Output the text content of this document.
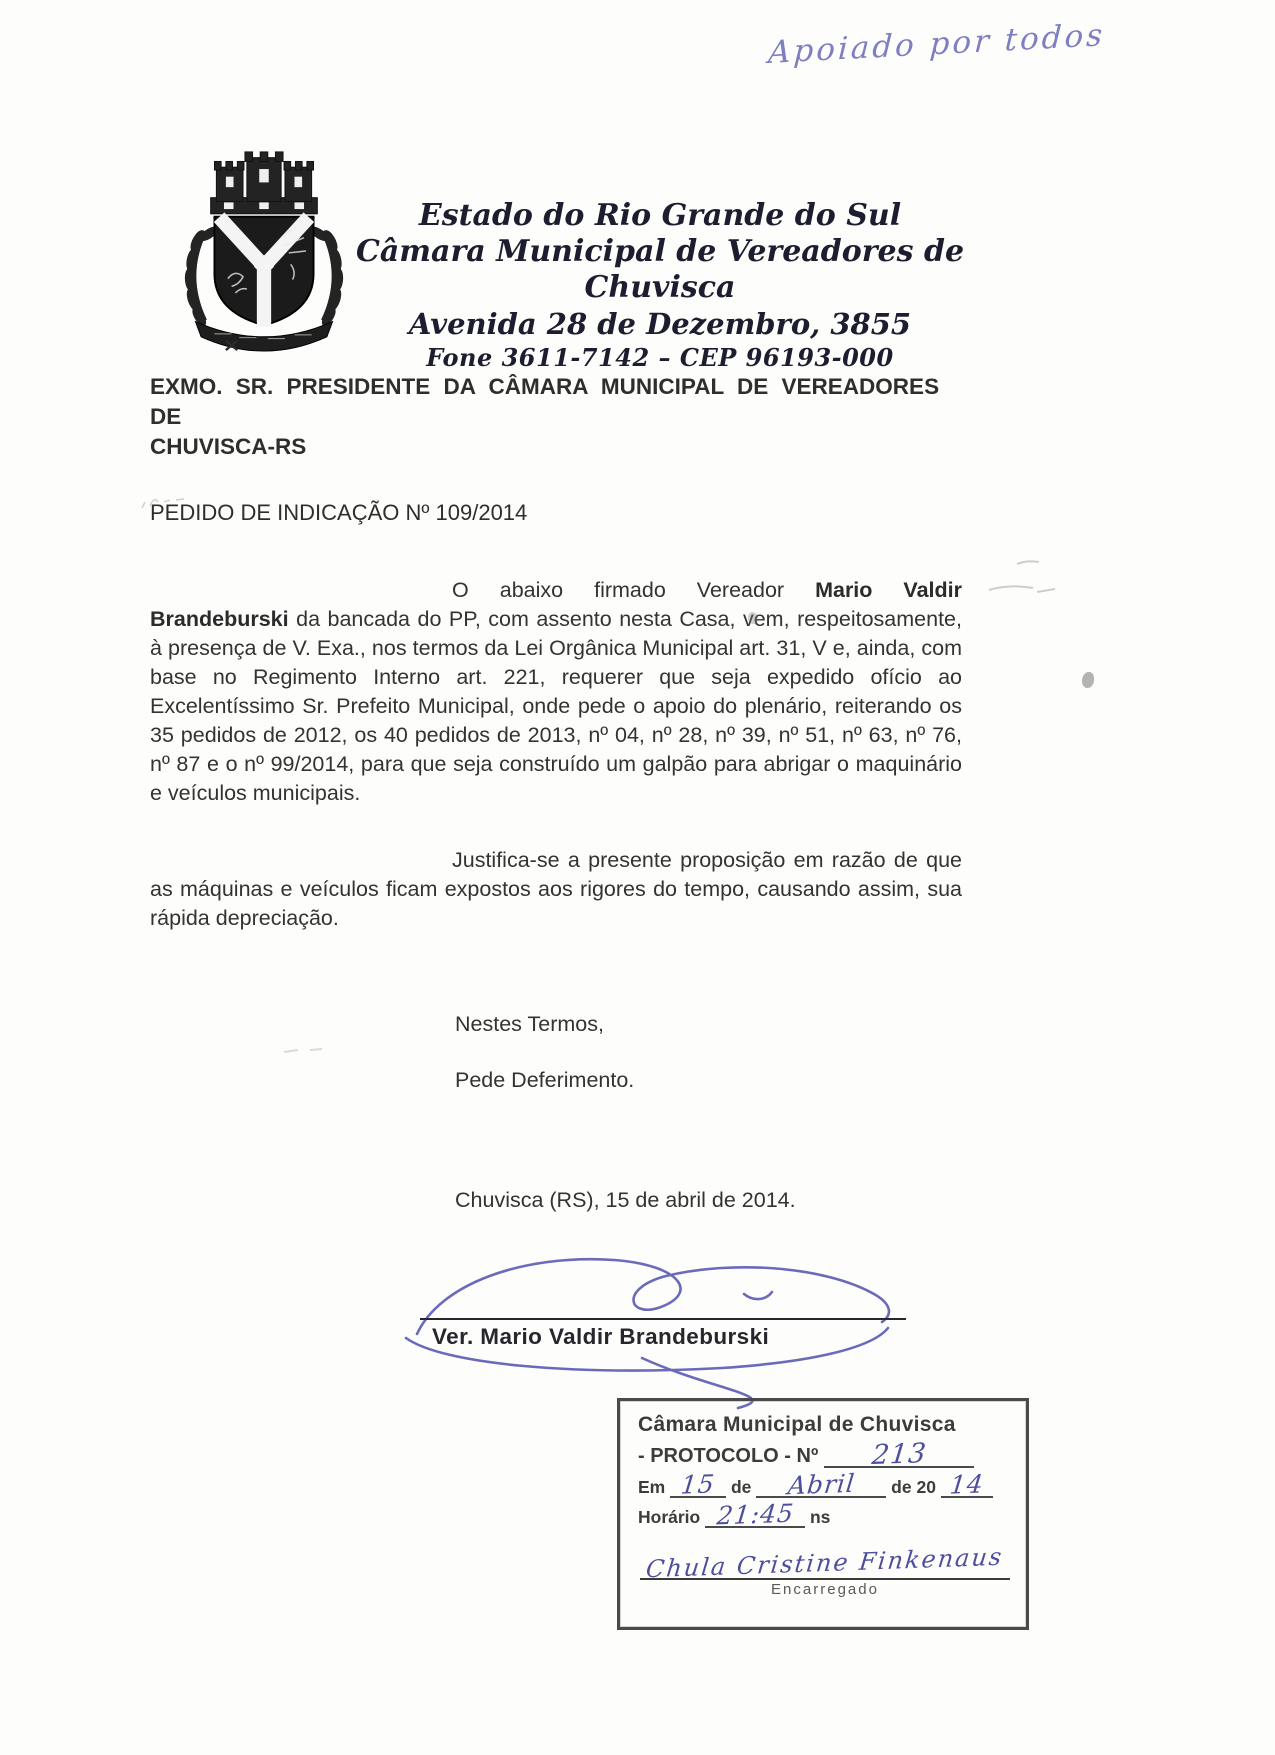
Apoiado por todos
Estado do Rio Grande do Sul
Câmara Municipal de Vereadores de Chuvisca
Avenida 28 de Dezembro, 3855
Fone 3611-7142 – CEP 96193-000
EXMO. SR. PRESIDENTE DA CÂMARA MUNICIPAL DE VEREADORES DE
CHUVISCA-RS
PEDIDO DE INDICAÇÃO Nº 109/2014
O abaixo firmado Vereador Mario Valdir Brandeburski da bancada do PP, com assento nesta Casa, vem, respeitosamente, à presença de V. Exa., nos termos da Lei Orgânica Municipal art. 31, V e, ainda, com base no Regimento Interno art. 221, requerer que seja expedido ofício ao Excelentíssimo Sr. Prefeito Municipal, onde pede o apoio do plenário, reiterando os 35 pedidos de 2012, os 40 pedidos de 2013, nº 04, nº 28, nº 39, nº 51, nº 63, nº 76, nº 87 e o nº 99/2014, para que seja construído um galpão para abrigar o maquinário e veículos municipais.
Justifica-se a presente proposição em razão de que as máquinas e veículos ficam expostos aos rigores do tempo, causando assim, sua rápida depreciação.
Nestes Termos,
Pede Deferimento.
Chuvisca (RS), 15 de abril de 2014.
Ver. Mario Valdir Brandeburski
Câmara Municipal de Chuvisca
- PROTOCOLO - Nº 213
Em 15 de Abril de 20 14
Horário 21:45 ns
Chula Cristine Finkenaus
Encarregado
